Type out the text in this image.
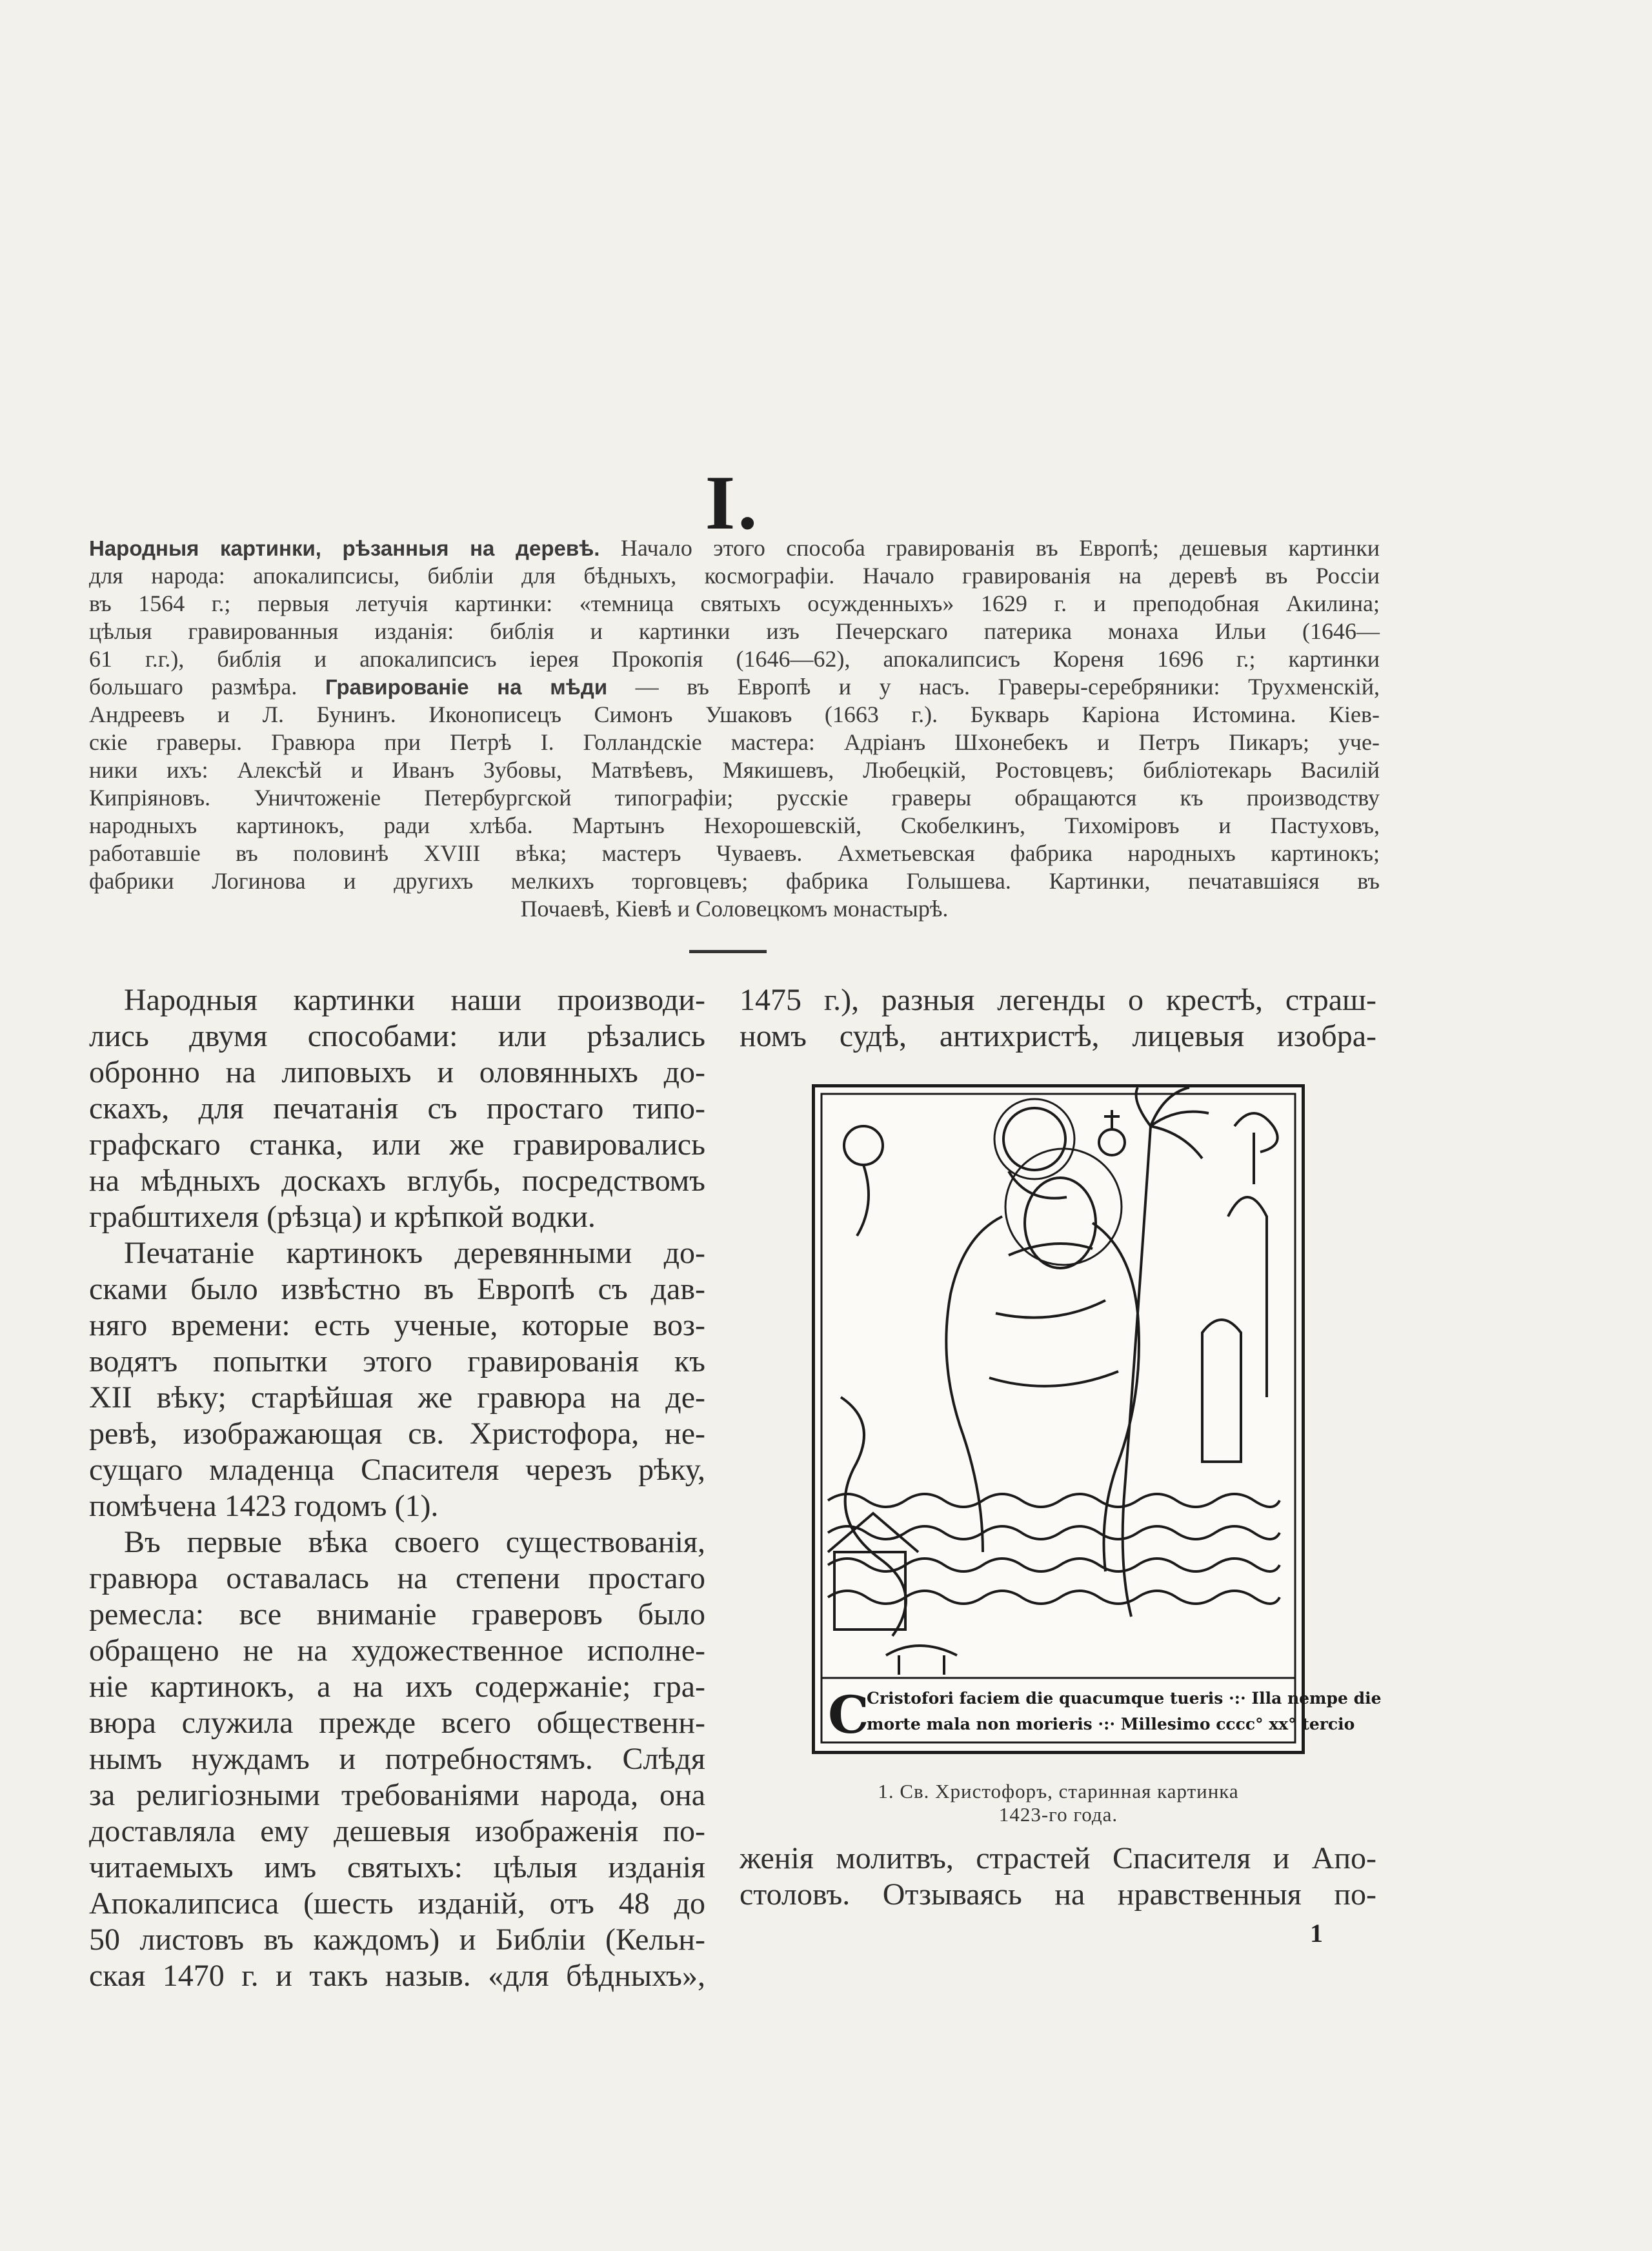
I.
Народныя картинки, рѣзанныя на деревѣ. Начало этого способа гравированія въ Европѣ; дешевыя картинки
для народа: апокалипсисы, библіи для бѣдныхъ, космографіи. Начало гравированія на деревѣ въ Россіи
въ 1564 г.; первыя летучія картинки: «темница святыхъ осужденныхъ» 1629 г. и преподобная Акилина;
цѣлыя гравированныя изданія: библія и картинки изъ Печерскаго патерика монаха Ильи (1646—
61 г.г.), библія и апокалипсисъ іерея Прокопія (1646—62), апокалипсисъ Кореня 1696 г.; картинки
большаго размѣра. Гравированіе на мѣди — въ Европѣ и у насъ. Граверы-серебряники: Трухменскій,
Андреевъ и Л. Бунинъ. Иконописецъ Симонъ Ушаковъ (1663 г.). Букварь Каріона Истомина. Кіев-
скіе граверы. Гравюра при Петрѣ I. Голландскіе мастера: Адріанъ Шхонебекъ и Петръ Пикаръ; уче-
ники ихъ: Алексѣй и Иванъ Зубовы, Матвѣевъ, Мякишевъ, Любецкій, Ростовцевъ; библіотекарь Василій
Кипріяновъ. Уничтоженіе Петербургской типографіи; русскіе граверы обращаются къ производству
народныхъ картинокъ, ради хлѣба. Мартынъ Нехорошевскій, Скобелкинъ, Тихоміровъ и Пастуховъ,
работавшіе въ половинѣ XVIII вѣка; мастеръ Чуваевъ. Ахметьевская фабрика народныхъ картинокъ;
фабрики Логинова и другихъ мелкихъ торговцевъ; фабрика Голышева. Картинки, печатавшіяся въ
Почаевѣ, Кіевѣ и Соловецкомъ монастырѣ.
Народныя картинки наши производи-
лись двумя способами: или рѣзались
обронно на липовыхъ и оловянныхъ до-
скахъ, для печатанія съ простаго типо-
графскаго станка, или же гравировались
на мѣдныхъ доскахъ вглубь, посредствомъ
грабштихеля (рѣзца) и крѣпкой водки.
Печатаніе картинокъ деревянными до-
сками было извѣстно въ Европѣ съ дав-
няго времени: есть ученые, которые воз-
водятъ попытки этого гравированія къ
XII вѣку; старѣйшая же гравюра на де-
ревѣ, изображающая св. Христофора, не-
сущаго младенца Спасителя черезъ рѣку,
помѣчена 1423 годомъ (1).
Въ первые вѣка своего существованія,
гравюра оставалась на степени простаго
ремесла: все вниманіе граверовъ было
обращено не на художественное исполне-
ніе картинокъ, а на ихъ содержаніе; гра-
вюра служила прежде всего общественн-
нымъ нуждамъ и потребностямъ. Слѣдя
за религіозными требованіями народа, она
доставляла ему дешевыя изображенія по-
читаемыхъ имъ святыхъ: цѣлыя изданія
Апокалипсиса (шесть изданій, отъ 48 до
50 листовъ въ каждомъ) и Библіи (Кельн-
ская 1470 г. и такъ назыв. «для бѣдныхъ»,
1475 г.), разныя легенды о крестѣ, страш-
номъ судѣ, антихристѣ, лицевыя изобра-
Cristofori faciem die quacumque tueris ·:· Illa nempe die
morte mala non morieris ·:· Millesimo cccc° xx° tercio
C
1. Св. Христофоръ, старинная картинка
1423-го года.
женія молитвъ, страстей Спасителя и Апо-
столовъ. Отзываясь на нравственныя по-
1
